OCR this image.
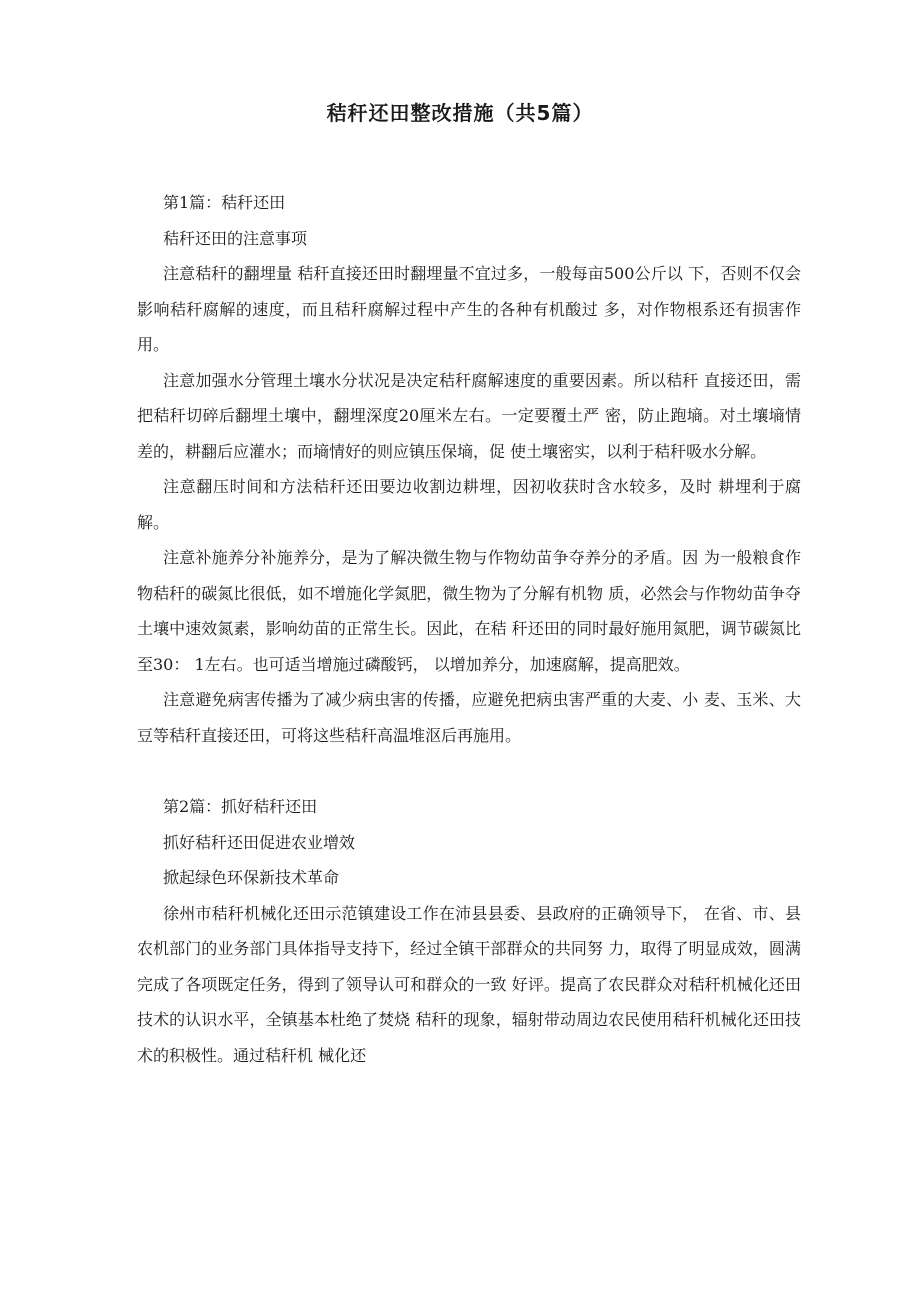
秸秆还田整改措施（共5篇）

第1篇：秸秆还田

秸秆还田的注意事项

注意秸秆的翻埋量 秸秆直接还田时翻埋量不宜过多，一般每亩500公斤以 下，否则不仅会影响秸秆腐解的速度，而且秸秆腐解过程中产生的各种有机酸过 多，对作物根系还有损害作用。

注意加强水分管理土壤水分状况是决定秸秆腐解速度的重要因素。所以秸秆 直接还田，需把秸秆切碎后翻埋土壤中，翻埋深度20厘米左右。一定要覆土严 密，防止跑墒。对土壤墒情差的，耕翻后应灌水；而墒情好的则应镇压保墒，促 使土壤密实，以利于秸秆吸水分解。

注意翻压时间和方法秸秆还田要边收割边耕埋，因初收获时含水较多，及时 耕埋利于腐解。

注意补施养分补施养分，是为了解决微生物与作物幼苗争夺养分的矛盾。因 为一般粮食作物秸秆的碳氮比很低，如不增施化学氮肥，微生物为了分解有机物 质，必然会与作物幼苗争夺土壤中速效氮素，影响幼苗的正常生长。因此，在秸 秆还田的同时最好施用氮肥，调节碳氮比至30： 1左右。也可适当增施过磷酸钙， 以增加养分，加速腐解，提高肥效。

注意避免病害传播为了减少病虫害的传播，应避免把病虫害严重的大麦、小 麦、玉米、大豆等秸秆直接还田，可将这些秸秆高温堆沤后再施用。

第2篇：抓好秸秆还田

抓好秸秆还田促进农业增效

掀起绿色环保新技术革命

徐州市秸秆机械化还田示范镇建设工作在沛县县委、县政府的正确领导下， 在省、市、县农机部门的业务部门具体指导支持下，经过全镇干部群众的共同努 力，取得了明显成效，圆满完成了各项既定任务，得到了领导认可和群众的一致 好评。提高了农民群众对秸秆机械化还田技术的认识水平，全镇基本杜绝了焚烧 秸秆的现象，辐射带动周边农民使用秸秆机械化还田技术的积极性。通过秸秆机 械化还
